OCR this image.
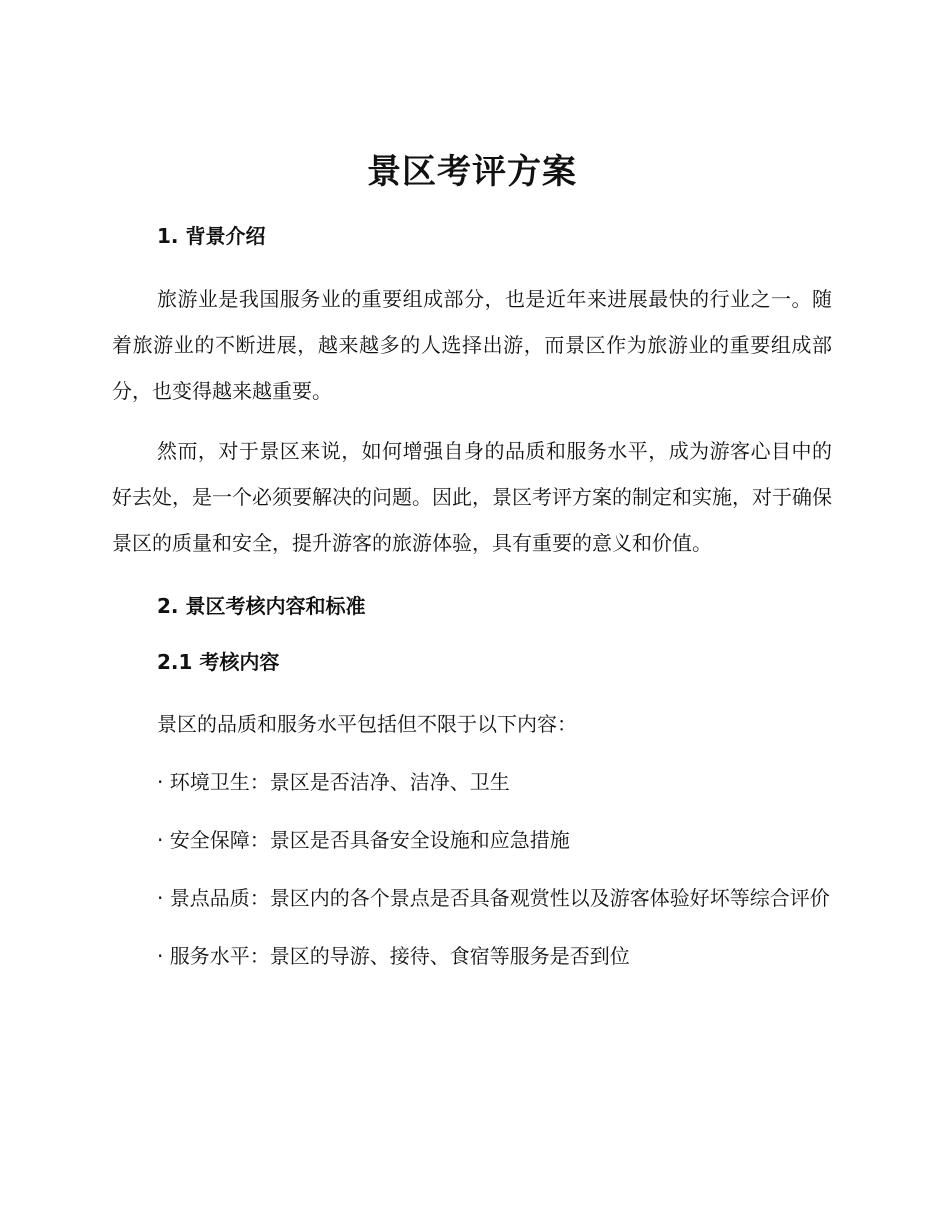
景区考评方案
1. 背景介绍

旅游业是我国服务业的重要组成部分，也是近年来进展最快的行业之一。随着旅游业的不断进展，越来越多的人选择出游，而景区作为旅游业的重要组成部分，也变得越来越重要。

然而，对于景区来说，如何增强自身的品质和服务水平，成为游客心目中的好去处，是一个必须要解决的问题。因此，景区考评方案的制定和实施，对于确保景区的质量和安全，提升游客的旅游体验，具有重要的意义和价值。

2. 景区考核内容和标准
2.1 考核内容

景区的品质和服务水平包括但不限于以下内容：

· 环境卫生：景区是否洁净、洁净、卫生

· 安全保障：景区是否具备安全设施和应急措施

· 景点品质：景区内的各个景点是否具备观赏性以及游客体验好坏等综合评价

· 服务水平：景区的导游、接待、食宿等服务是否到位
